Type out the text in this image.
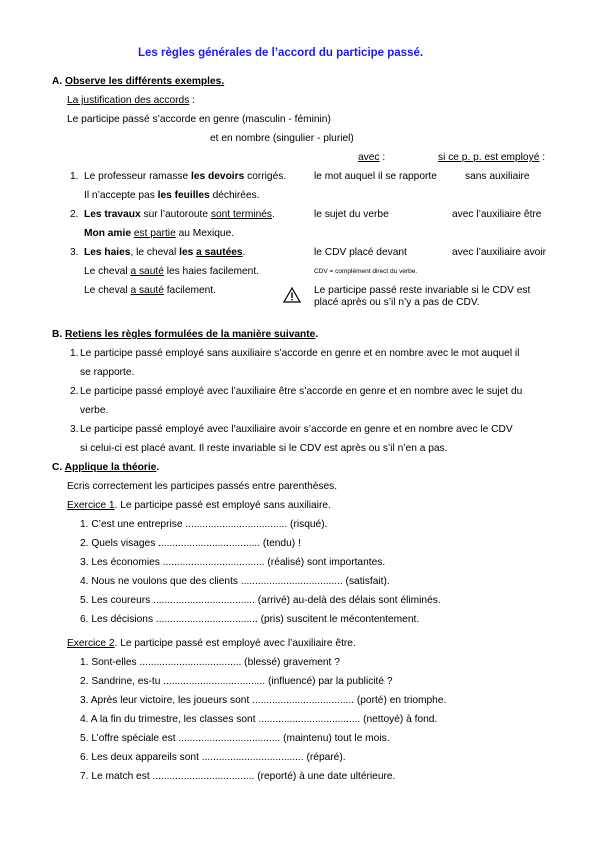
Les règles générales de l’accord du participe passé.
A. Observe les différents exemples.
La justification des accords :
Le participe passé s’accorde en genre (masculin - féminin)
et en nombre (singulier - pluriel)
avec :	si ce p. p. est employé :
1. Le professeur ramasse les devoirs corrigés.	le mot auquel il se rapporte	sans auxiliaire
Il n’accepte pas les feuilles déchirées.
2. Les travaux sur l’autoroute sont terminés.	le sujet du verbe	avec l’auxiliaire être
Mon amie est partie au Mexique.
3. Les haies, le cheval les a sautées.	le CDV placé devant	avec l’auxiliaire avoir
Le cheval a sauté les haies facilement.	CDV = complément direct du verbe.
Le cheval a sauté facilement.	Le participe passé reste invariable si le CDV est
placé après ou s’il n’y a pas de CDV.
B. Retiens les règles formulées de la manière suivante.
1. Le participe passé employé sans auxiliaire s’accorde en genre et en nombre avec le mot auquel il
se rapporte.
2. Le participe passé employé avec l’auxiliaire être s’accorde en genre et en nombre avec le sujet du
verbe.
3. Le participe passé employé avec l’auxiliaire avoir s’accorde en genre et en nombre avec le CDV
si celui-ci est placé avant. Il reste invariable si le CDV est après ou s’il n’en a pas.
C. Applique la théorie.
Ecris correctement les participes passés entre parenthèses.
Exercice 1. Le participe passé est employé sans auxiliaire.
1. C’est une entreprise .................................... (risqué).
2. Quels visages .................................... (tendu) !
3. Les économies .................................... (réalisé) sont importantes.
4. Nous ne voulons que des clients .................................... (satisfait).
5. Les coureurs .................................... (arrivé) au-delà des délais sont éliminés.
6. Les décisions .................................... (pris) suscitent le mécontentement.
Exercice 2. Le participe passé est employé avec l’auxiliaire être.
1. Sont-elles .................................... (blessé) gravement ?
2. Sandrine, es-tu .................................... (influencé) par la publicité ?
3. Après leur victoire, les joueurs sont .................................... (porté) en triomphe.
4. A la fin du trimestre, les classes sont .................................... (nettoyé) à fond.
5. L’offre spéciale est .................................... (maintenu) tout le mois.
6. Les deux appareils sont .................................... (réparé).
7. Le match est .................................... (reporté) à une date ultérieure.
